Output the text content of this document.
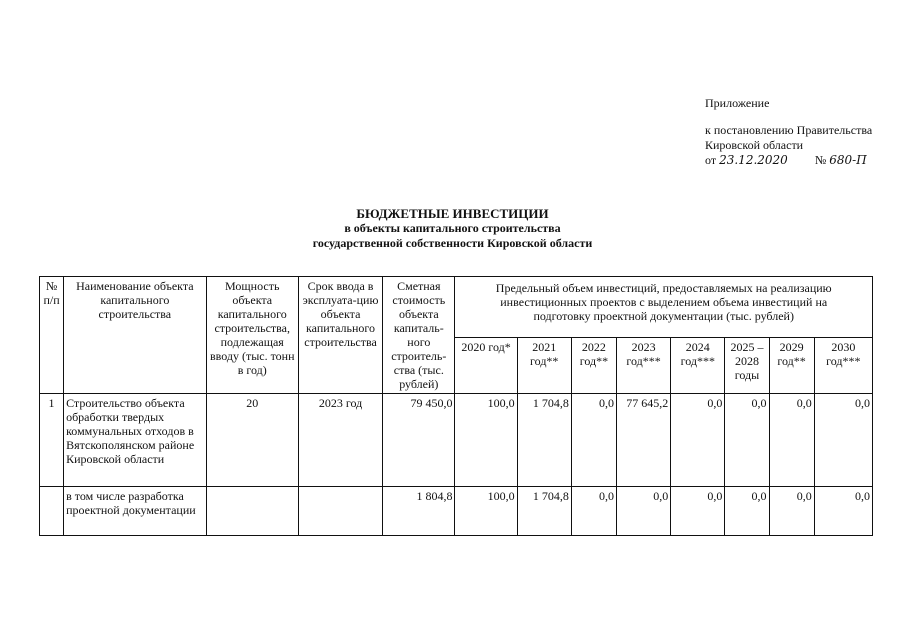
Приложение
к постановлению Правительства
Кировской области
от 23.12.2020 № 680-П
БЮДЖЕТНЫЕ ИНВЕСТИЦИИ
в объекты капитального строительства
государственной собственности Кировской области
№ п/п	Наименование объекта капитального строительства	Мощность объекта капитального строительства, подлежащая вводу (тыс. тонн в год)	Срок ввода в эксплуата-цию объекта капитального строительства	Сметная стоимость объекта капиталь-ного строитель-ства (тыс. рублей)	Предельный объем инвестиций, предоставляемых на реализацию инвестиционных проектов с выделением объема инвестиций на подготовку проектной документации (тыс. рублей)							
					2020 год*	2021 год**	2022 год**	2023 год***	2024 год***	2025 – 2028 годы	2029 год**	2030 год***
1	Строительство объекта обработки твердых коммунальных отходов в Вятскополянском районе Кировской области	20	2023 год	79 450,0	100,0	1 704,8	0,0	77 645,2	0,0	0,0	0,0	0,0
	в том числе разработка проектной документации			1 804,8	100,0	1 704,8	0,0	0,0	0,0	0,0	0,0	0,0
